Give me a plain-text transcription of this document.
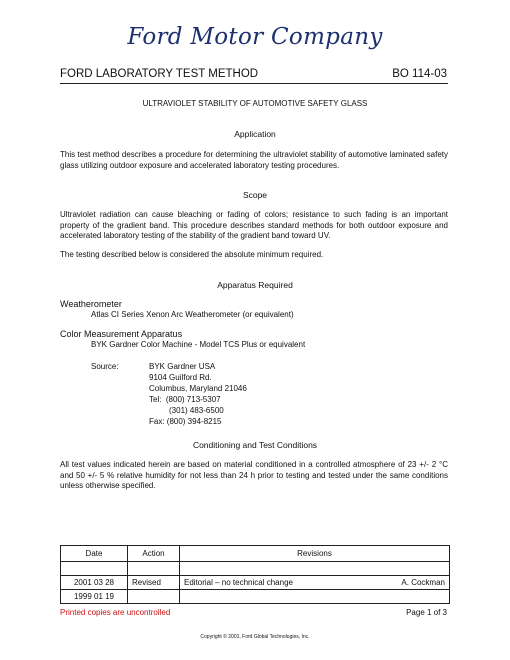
Ford Motor Company
FORD LABORATORY TEST METHOD	BO 114-03
ULTRAVIOLET STABILITY OF AUTOMOTIVE SAFETY GLASS
Application
This test method describes a procedure for determining the ultraviolet stability of automotive laminated safety glass utilizing outdoor exposure and accelerated laboratory testing procedures.
Scope
Ultraviolet radiation can cause bleaching or fading of colors; resistance to such fading is an important property of the gradient band. This procedure describes standard methods for both outdoor exposure and accelerated laboratory testing of the stability of the gradient band toward UV.
The testing described below is considered the absolute minimum required.
Apparatus Required
Weatherometer
Atlas CI Series Xenon Arc Weatherometer (or equivalent)
Color Measurement Apparatus
BYK Gardner Color Machine - Model TCS Plus or equivalent
Source:	BYK Gardner USA
9104 Guilford Rd.
Columbus, Maryland 21046
Tel:  (800) 713-5307
(301) 483-6500
Fax: (800) 394-8215
Conditioning and Test Conditions
All test values indicated herein are based on material conditioned in a controlled atmosphere of 23 +/- 2 °C and 50 +/- 5 % relative humidity for not less than 24 h prior to testing and tested under the same conditions unless otherwise specified.
Date	Action	Revisions

2001 03 28	Revised	Editorial – no technical change A. Cockman

1999 01 19		
Printed copies are uncontrolled	Page 1 of 3
Copyright © 2001, Ford Global Technologies, Inc.
